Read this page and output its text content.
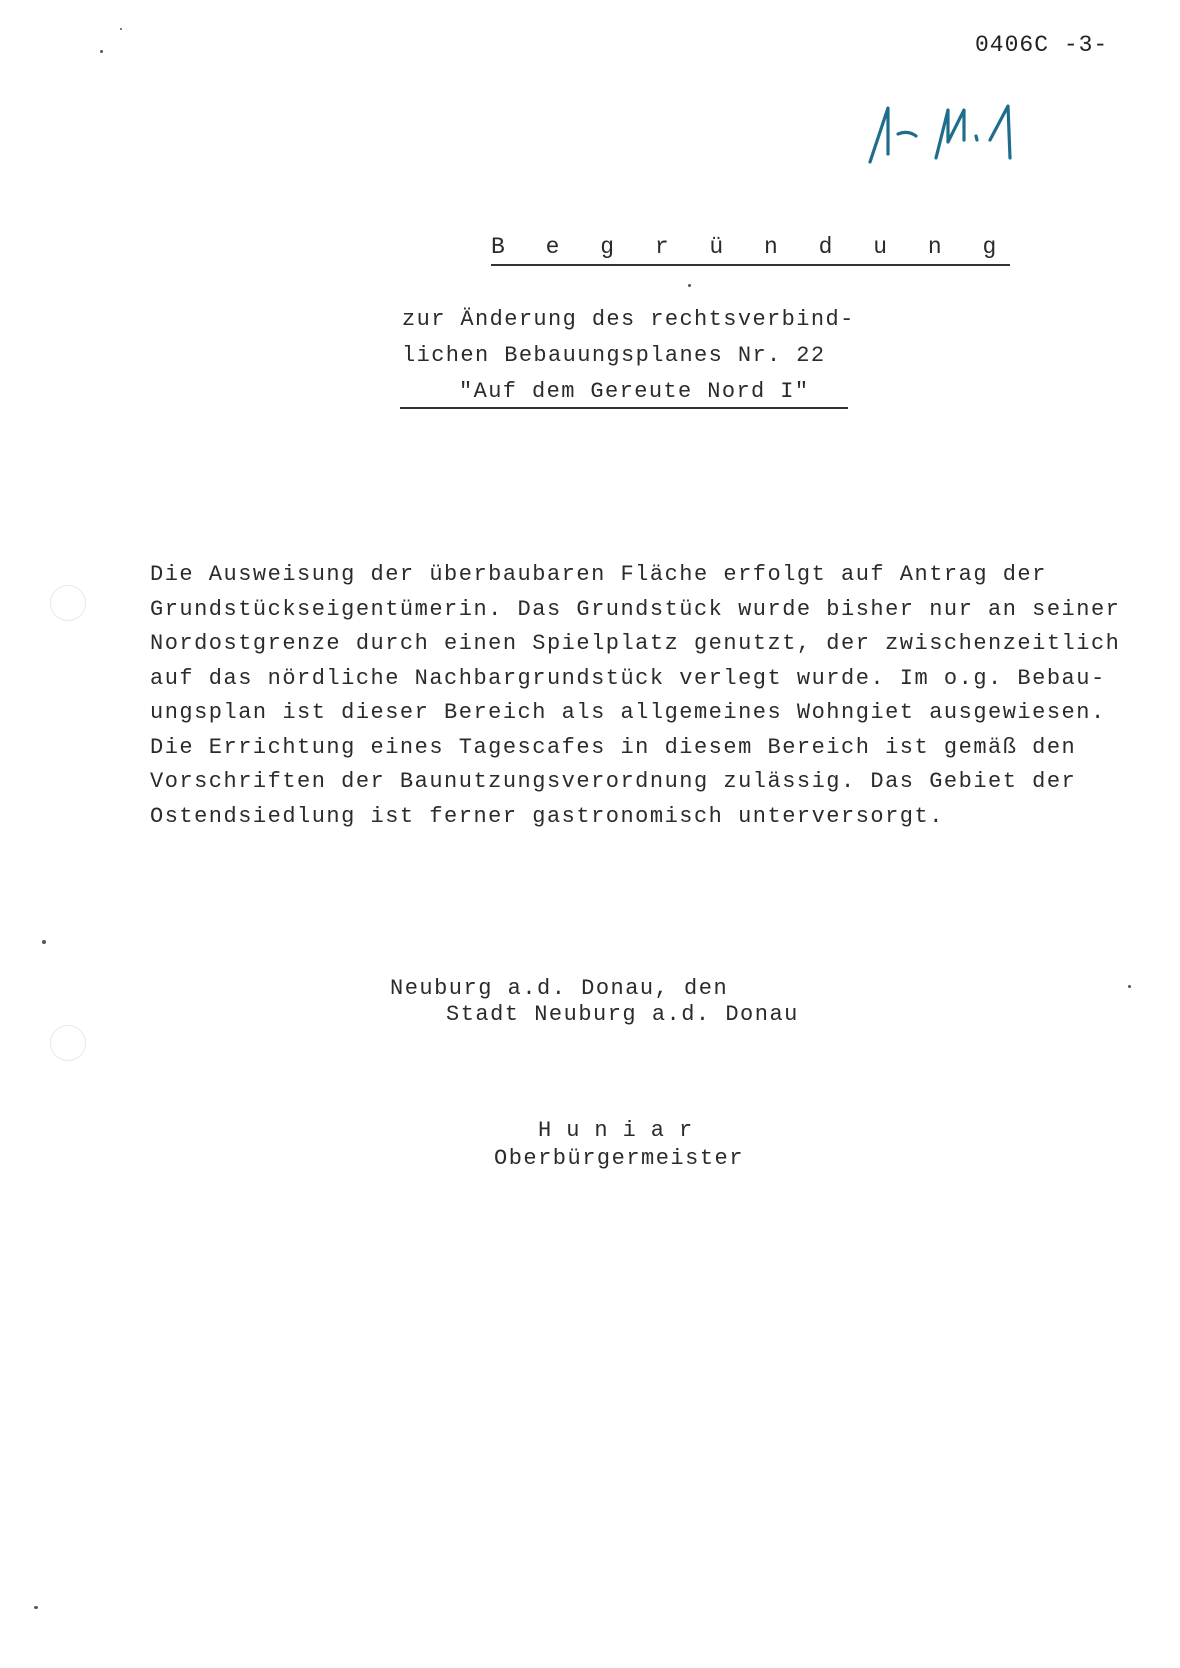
0406C -3-
B e g r ü n d u n g
zur Änderung des rechtsverbind-
lichen Bebauungsplanes Nr. 22
"Auf dem Gereute Nord I"
Die Ausweisung der überbaubaren Fläche erfolgt auf Antrag der
Grundstückseigentümerin. Das Grundstück wurde bisher nur an seiner
Nordostgrenze durch einen Spielplatz genutzt, der zwischenzeitlich
auf das nördliche Nachbargrundstück verlegt wurde. Im o.g. Bebau-
ungsplan ist dieser Bereich als allgemeines Wohngiet ausgewiesen.
Die Errichtung eines Tagescafes in diesem Bereich ist gemäß den
Vorschriften der Baunutzungsverordnung zulässig. Das Gebiet der
Ostendsiedlung ist ferner gastronomisch unterversorgt.
Neuburg a.d. Donau, den
Stadt Neuburg a.d. Donau
Huniar
Oberbürgermeister
